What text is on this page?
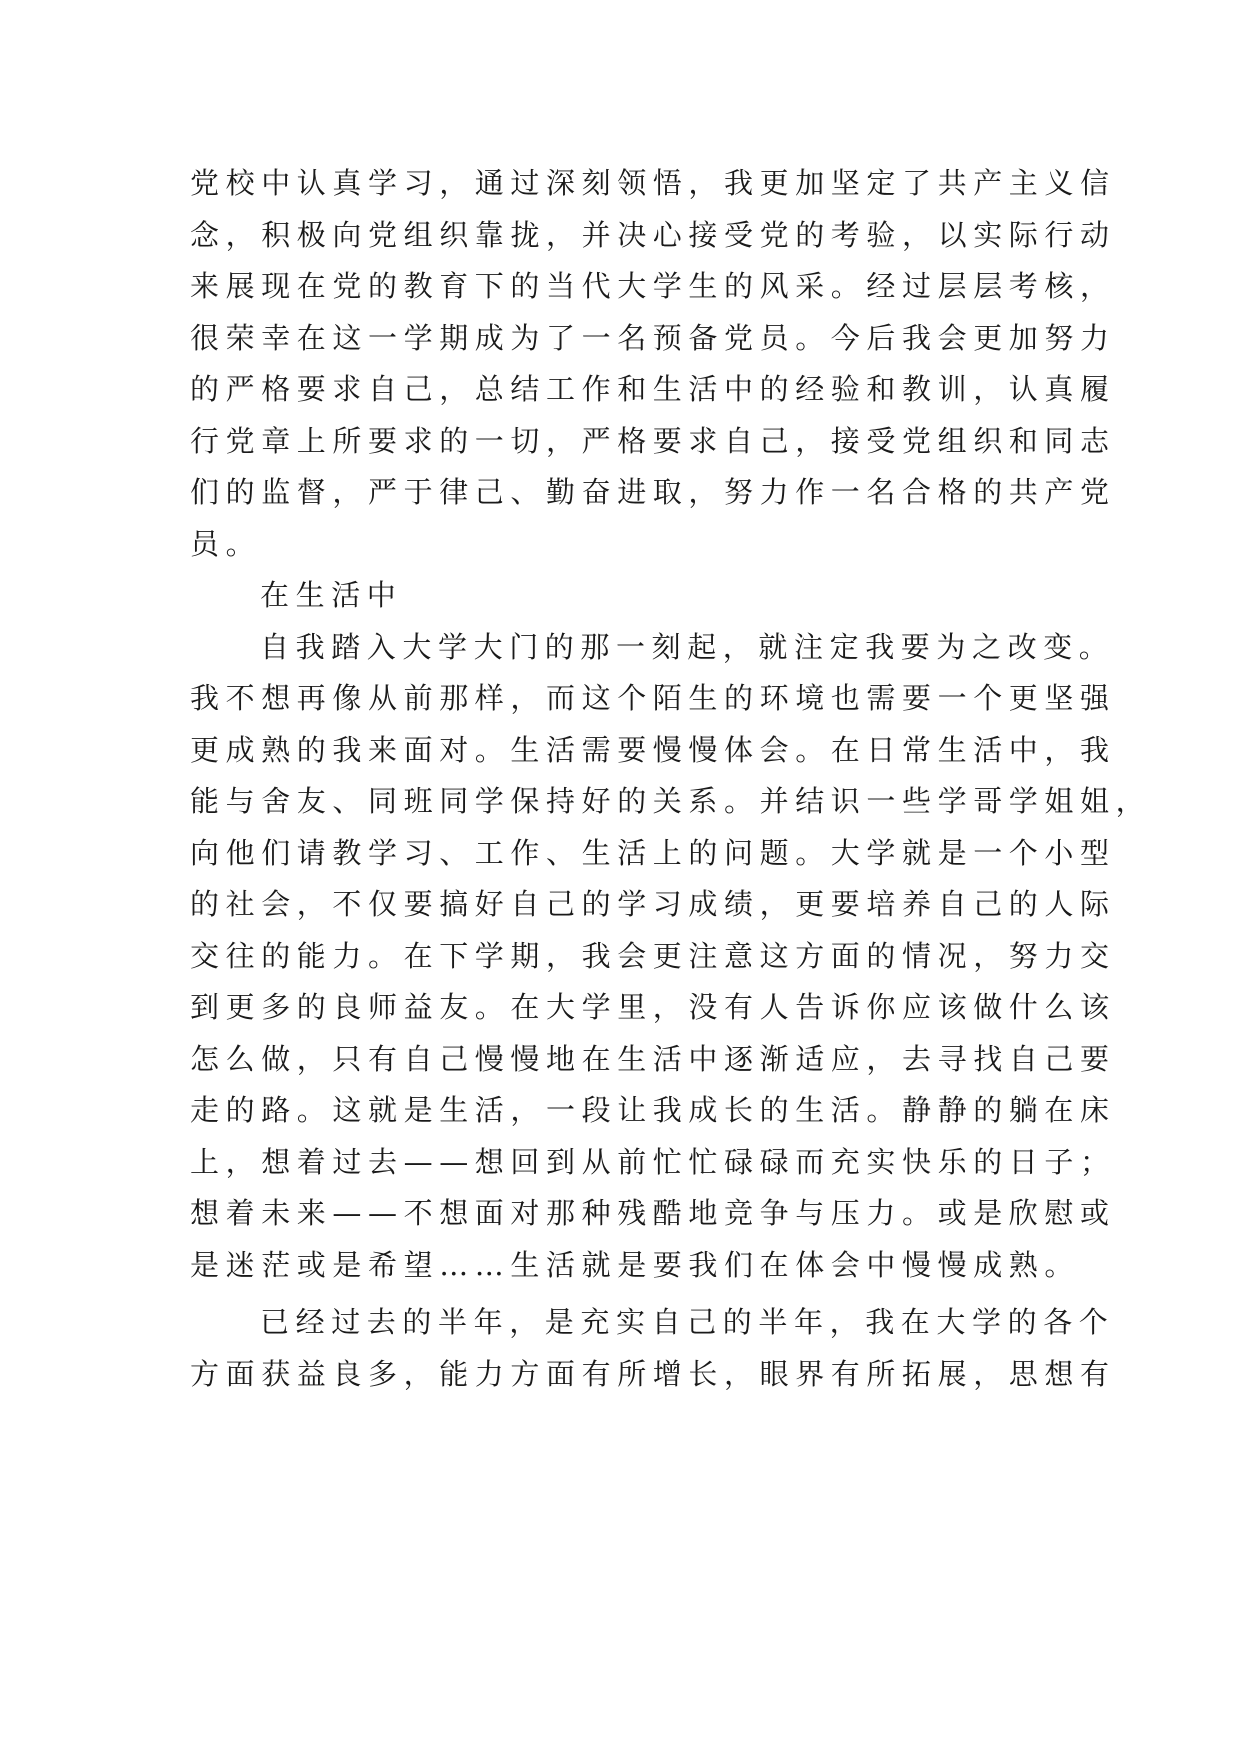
党校中认真学习，通过深刻领悟，我更加坚定了共产主义信
念，积极向党组织靠拢，并决心接受党的考验，以实际行动
来展现在党的教育下的当代大学生的风采。经过层层考核，
很荣幸在这一学期成为了一名预备党员。今后我会更加努力
的严格要求自己，总结工作和生活中的经验和教训，认真履
行党章上所要求的一切，严格要求自己，接受党组织和同志
们的监督，严于律己、勤奋进取，努力作一名合格的共产党
员。
在生活中
自我踏入大学大门的那一刻起，就注定我要为之改变。
我不想再像从前那样，而这个陌生的环境也需要一个更坚强
更成熟的我来面对。生活需要慢慢体会。在日常生活中，我
能与舍友、同班同学保持好的关系。并结识一些学哥学姐姐，
向他们请教学习、工作、生活上的问题。大学就是一个小型
的社会，不仅要搞好自己的学习成绩，更要培养自己的人际
交往的能力。在下学期，我会更注意这方面的情况，努力交
到更多的良师益友。在大学里，没有人告诉你应该做什么该
怎么做，只有自己慢慢地在生活中逐渐适应，去寻找自己要
走的路。这就是生活，一段让我成长的生活。静静的躺在床
上，想着过去——想回到从前忙忙碌碌而充实快乐的日子；
想着未来——不想面对那种残酷地竞争与压力。或是欣慰或
是迷茫或是希望……生活就是要我们在体会中慢慢成熟。
已经过去的半年，是充实自己的半年，我在大学的各个
方面获益良多，能力方面有所增长，眼界有所拓展，思想有
